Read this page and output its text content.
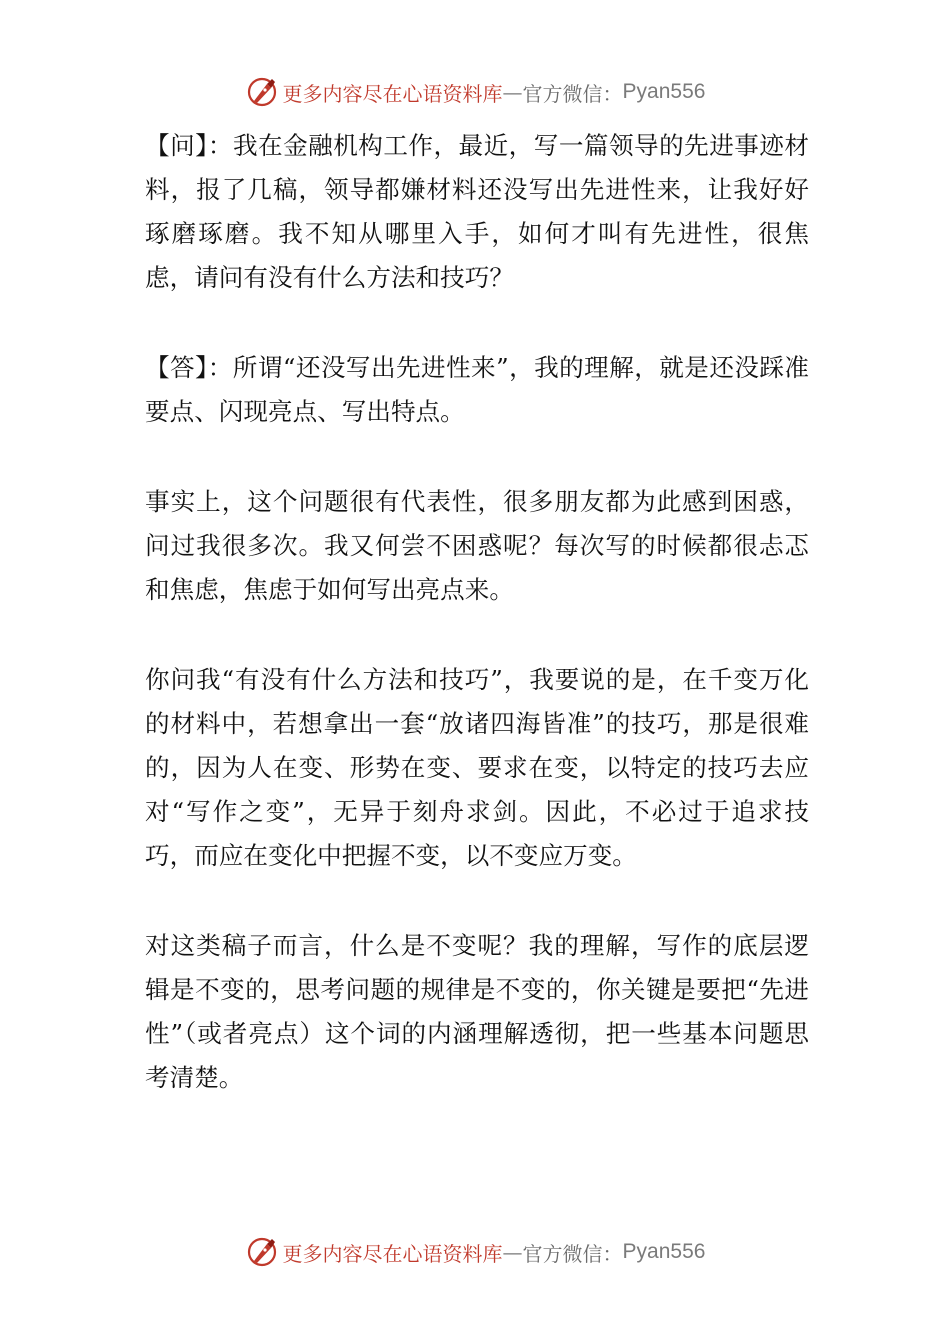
更多内容尽在心语资料库 — 官方微信： Pyan556

【问】：我在金融机构工作，最近，写一篇领导的先进事迹材料，报了几稿，领导都嫌材料还没写出先进性来，让我好好琢磨琢磨。我不知从哪里入手，如何才叫有先进性，很焦虑，请问有没有什么方法和技巧？

【答】：所谓“还没写出先进性来”，我的理解，就是还没踩准要点、闪现亮点、写出特点。

事实上，这个问题很有代表性，很多朋友都为此感到困惑，问过我很多次。我又何尝不困惑呢？每次写的时候都很忐忑和焦虑，焦虑于如何写出亮点来。

你问我“有没有什么方法和技巧”，我要说的是，在千变万化的材料中，若想拿出一套“放诸四海皆准”的技巧，那是很难的，因为人在变、形势在变、要求在变，以特定的技巧去应对“写作之变”，无异于刻舟求剑。因此，不必过于追求技巧，而应在变化中把握不变，以不变应万变。

对这类稿子而言，什么是不变呢？我的理解，写作的底层逻辑是不变的，思考问题的规律是不变的，你关键是要把“先进性”（或者亮点）这个词的内涵理解透彻，把一些基本问题思考清楚。

更多内容尽在心语资料库 — 官方微信： Pyan556
